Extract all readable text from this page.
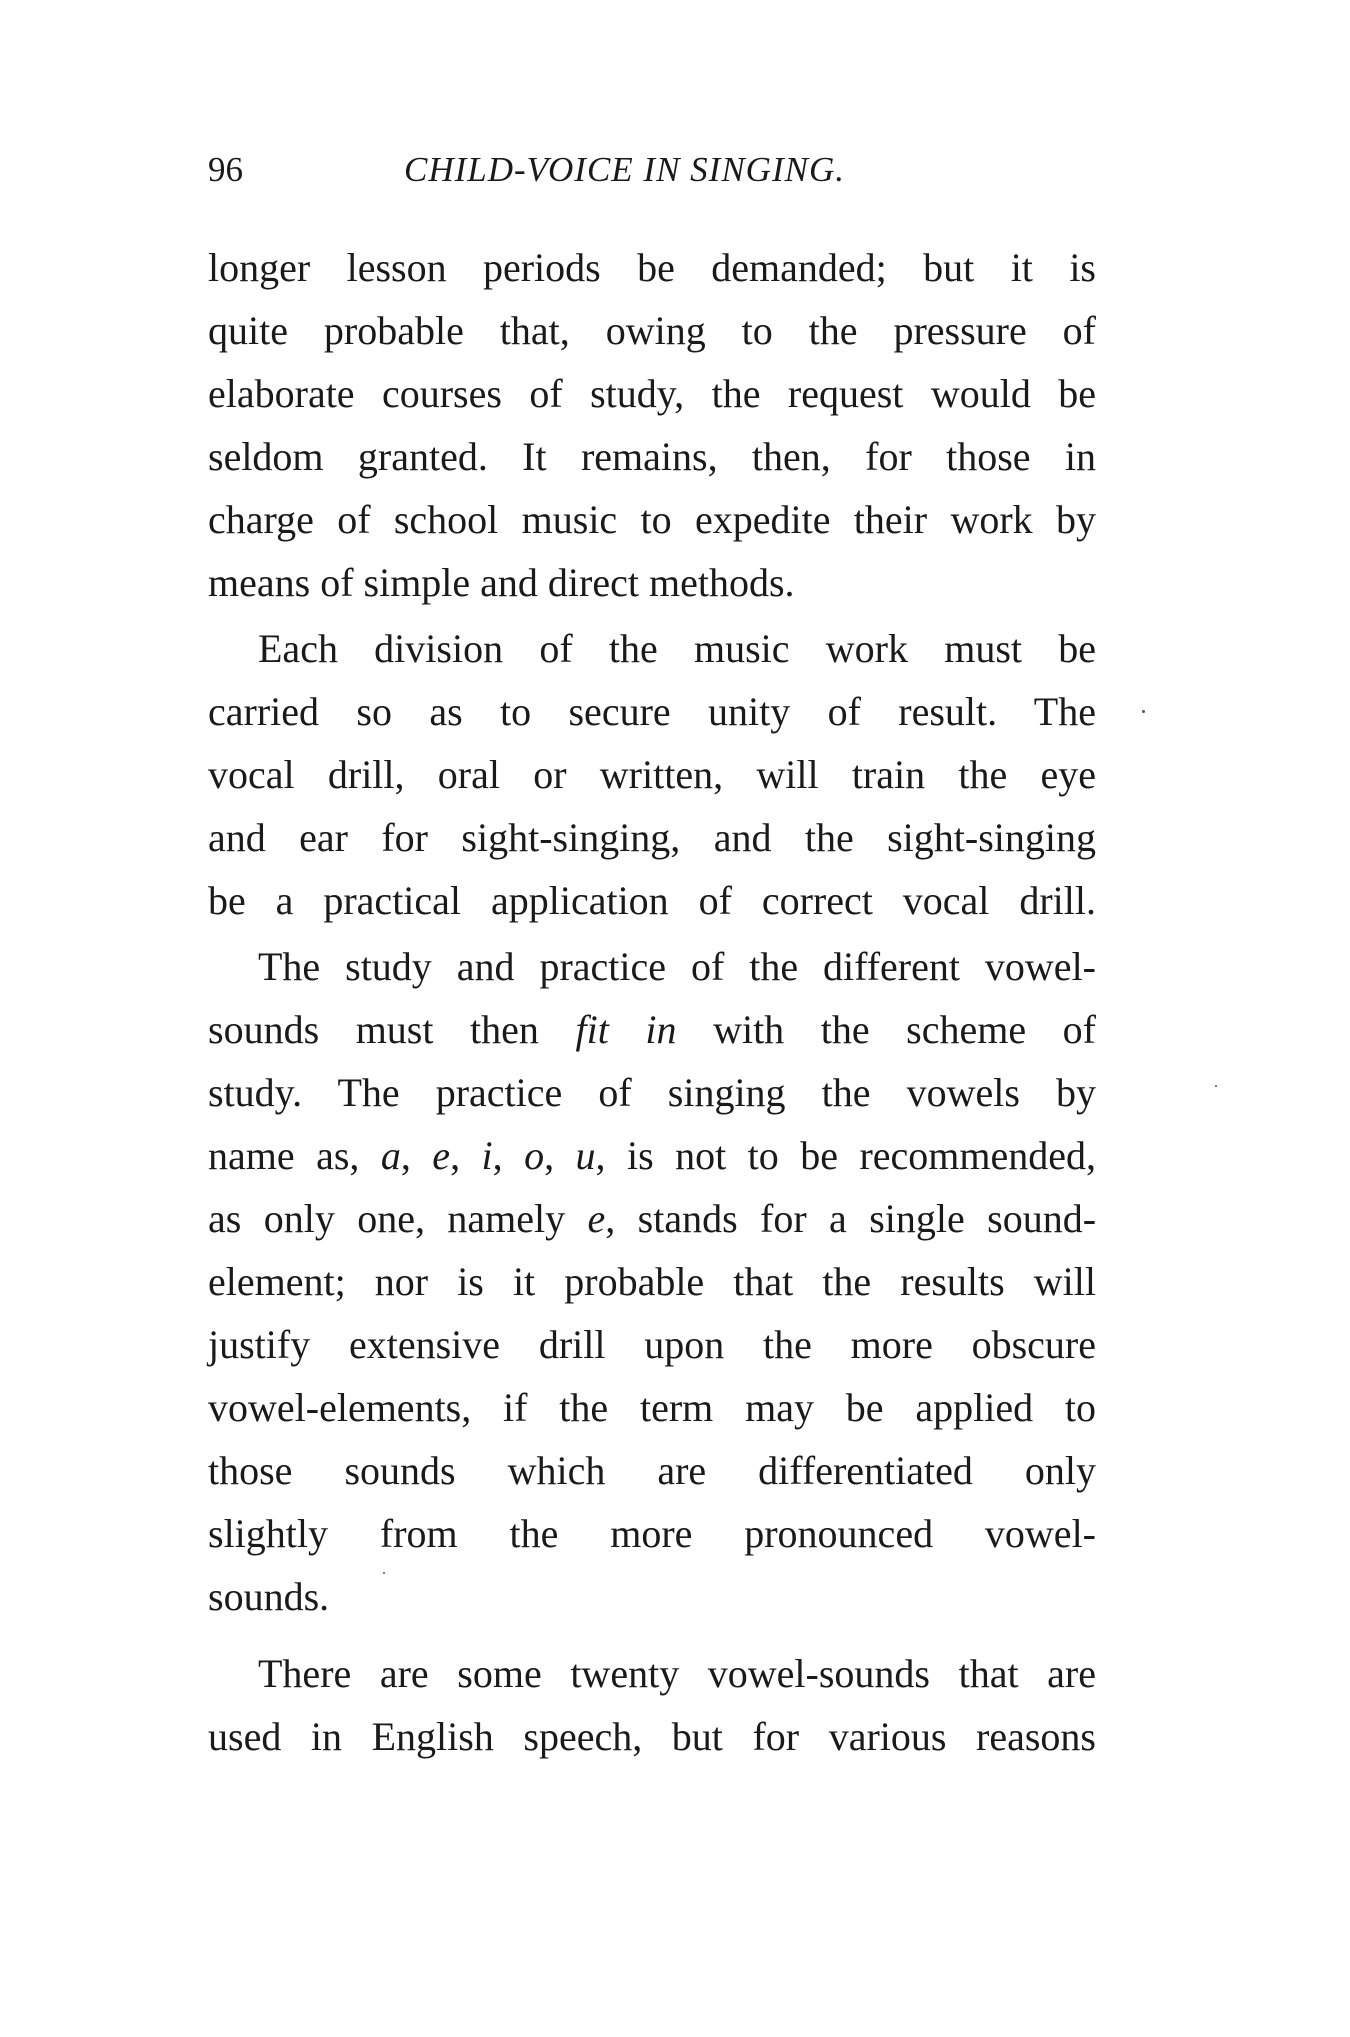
96	CHILD-VOICE IN SINGING.
longer lesson periods be demanded; but it is
quite probable that, owing to the pressure of
elaborate courses of study, the request would be
seldom granted. It remains, then, for those in
charge of school music to expedite their work by
means of simple and direct methods.
Each division of the music work must be
carried so as to secure unity of result. The
vocal drill, oral or written, will train the eye
and ear for sight-singing, and the sight-singing
be a practical application of correct vocal drill.
The study and practice of the different vowel-
sounds must then fit in with the scheme of
study. The practice of singing the vowels by
name as, a, e, i, o, u, is not to be recommended,
as only one, namely e, stands for a single sound-
element; nor is it probable that the results will
justify extensive drill upon the more obscure
vowel-elements, if the term may be applied to
those sounds which are differentiated only
slightly from the more pronounced vowel-
sounds.
There are some twenty vowel-sounds that are
used in English speech, but for various reasons
